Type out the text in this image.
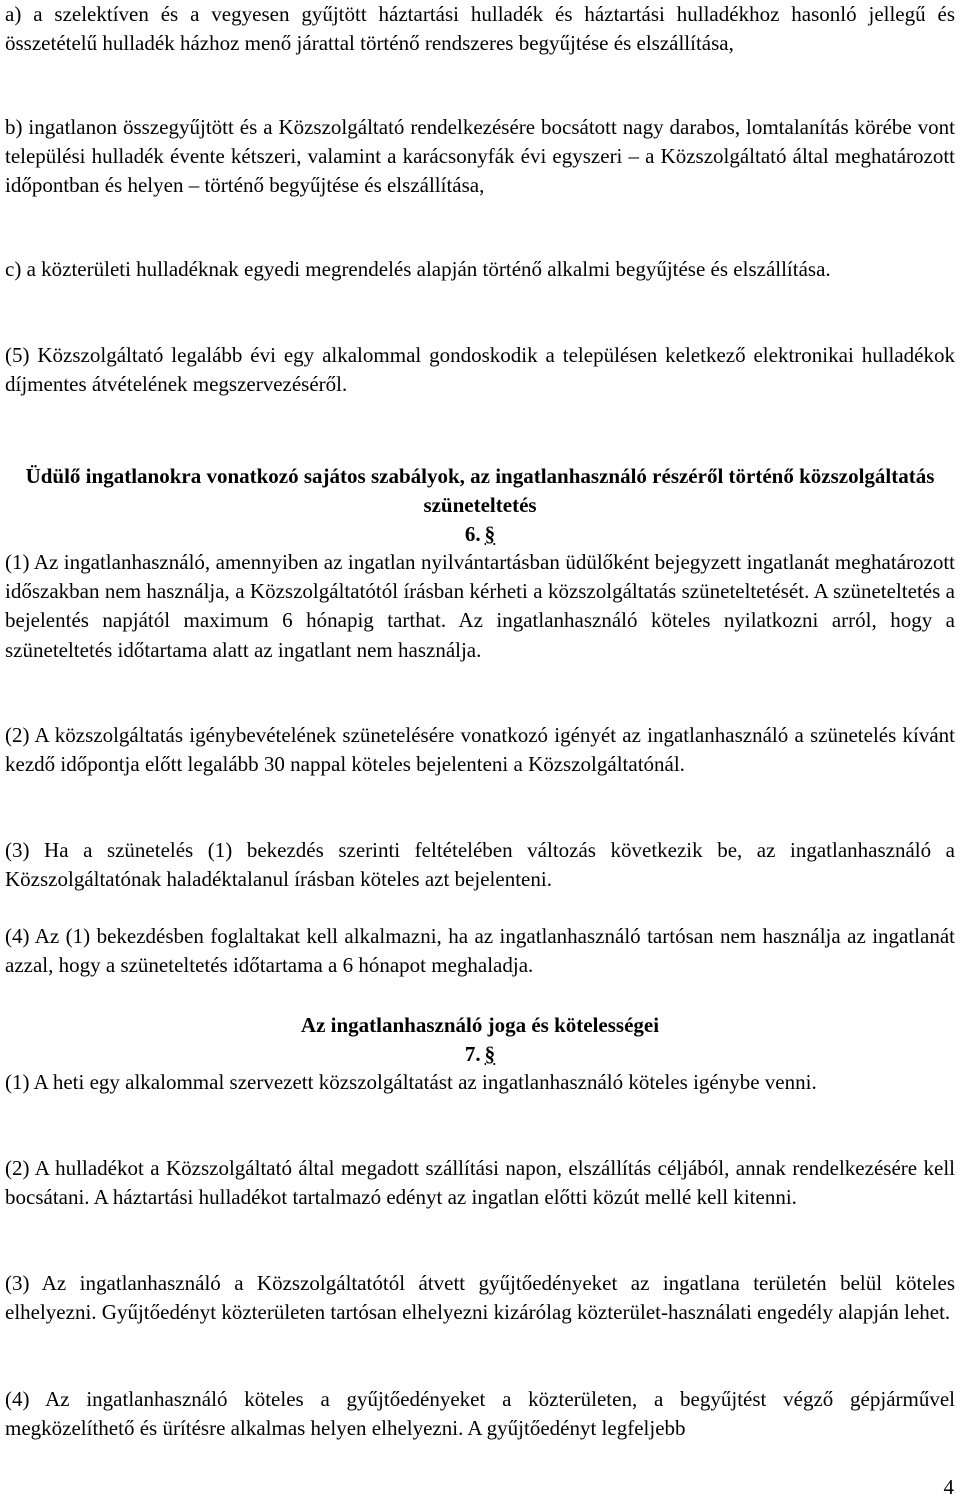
a) a szelektíven és a vegyesen gyűjtött háztartási hulladék és háztartási hulladékhoz hasonló jellegű és összetételű hulladék házhoz menő járattal történő rendszeres begyűjtése és elszállítása,

b) ingatlanon összegyűjtött és a Közszolgáltató rendelkezésére bocsátott nagy darabos, lomtalanítás körébe vont települési hulladék évente kétszeri, valamint a karácsonyfák évi egyszeri – a Közszolgáltató által meghatározott időpontban és helyen – történő begyűjtése és elszállítása,

c) a közterületi hulladéknak egyedi megrendelés alapján történő alkalmi begyűjtése és elszállítása.

(5) Közszolgáltató legalább évi egy alkalommal gondoskodik a településen keletkező elektronikai hulladékok díjmentes átvételének megszervezéséről.

Üdülő ingatlanokra vonatkozó sajátos szabályok, az ingatlanhasználó részéről történő közszolgáltatás szüneteltetés
6. §

(1) Az ingatlanhasználó, amennyiben az ingatlan nyilvántartásban üdülőként bejegyzett ingatlanát meghatározott időszakban nem használja, a Közszolgáltatótól írásban kérheti a közszolgáltatás szüneteltetését. A szüneteltetés a bejelentés napjától maximum 6 hónapig tarthat. Az ingatlanhasználó köteles nyilatkozni arról, hogy a szüneteltetés időtartama alatt az ingatlant nem használja.

(2) A közszolgáltatás igénybevételének szünetelésére vonatkozó igényét az ingatlanhasználó a szünetelés kívánt kezdő időpontja előtt legalább 30 nappal köteles bejelenteni a Közszolgáltatónál.

(3) Ha a szünetelés (1) bekezdés szerinti feltételében változás következik be, az ingatlanhasználó a Közszolgáltatónak haladéktalanul írásban köteles azt bejelenteni.

(4) Az (1) bekezdésben foglaltakat kell alkalmazni, ha az ingatlanhasználó tartósan nem használja az ingatlanát azzal, hogy a szüneteltetés időtartama a 6 hónapot meghaladja.

Az ingatlanhasználó joga és kötelességei
7. §

(1) A heti egy alkalommal szervezett közszolgáltatást az ingatlanhasználó köteles igénybe venni.

(2) A hulladékot a Közszolgáltató által megadott szállítási napon, elszállítás céljából, annak rendelkezésére kell bocsátani. A háztartási hulladékot tartalmazó edényt az ingatlan előtti közút mellé kell kitenni.

(3) Az ingatlanhasználó a Közszolgáltatótól átvett gyűjtőedényeket az ingatlana területén belül köteles elhelyezni. Gyűjtőedényt közterületen tartósan elhelyezni kizárólag közterület-használati engedély alapján lehet.

(4) Az ingatlanhasználó köteles a gyűjtőedényeket a közterületen, a begyűjtést végző gépjárművel megközelíthető és ürítésre alkalmas helyen elhelyezni. A gyűjtőedényt legfeljebb

4
